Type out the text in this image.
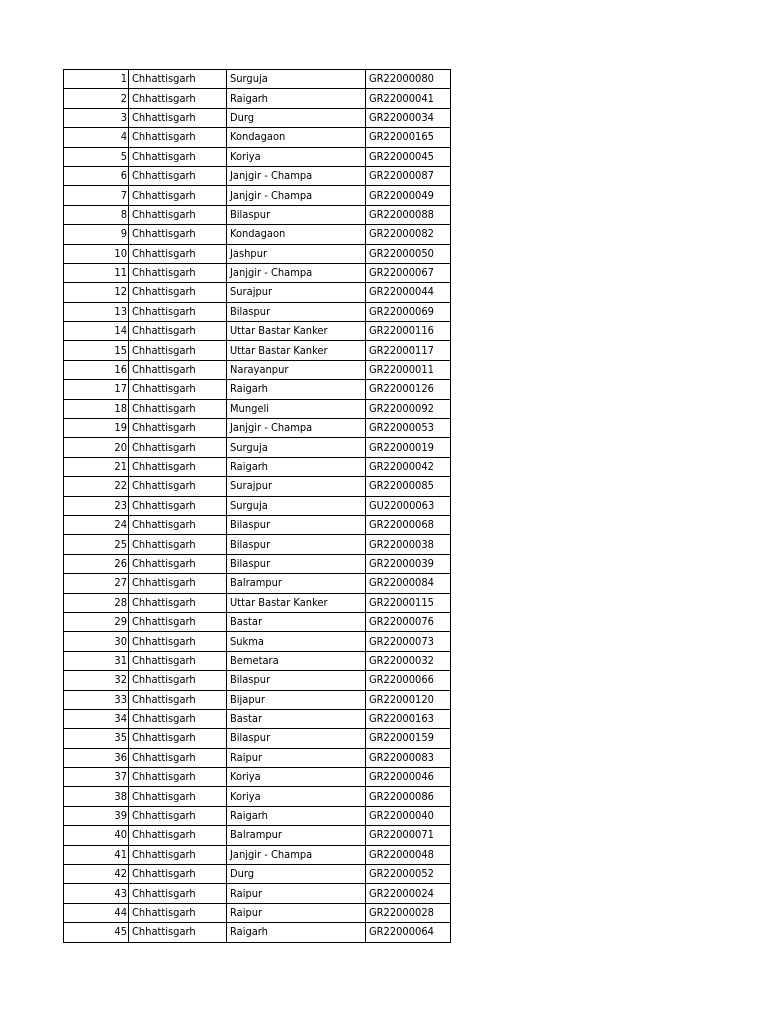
1	Chhattisgarh	Surguja	GR22000080
2	Chhattisgarh	Raigarh	GR22000041
3	Chhattisgarh	Durg	GR22000034
4	Chhattisgarh	Kondagaon	GR22000165
5	Chhattisgarh	Koriya	GR22000045
6	Chhattisgarh	Janjgir - Champa	GR22000087
7	Chhattisgarh	Janjgir - Champa	GR22000049
8	Chhattisgarh	Bilaspur	GR22000088
9	Chhattisgarh	Kondagaon	GR22000082
10	Chhattisgarh	Jashpur	GR22000050
11	Chhattisgarh	Janjgir - Champa	GR22000067
12	Chhattisgarh	Surajpur	GR22000044
13	Chhattisgarh	Bilaspur	GR22000069
14	Chhattisgarh	Uttar Bastar Kanker	GR22000116
15	Chhattisgarh	Uttar Bastar Kanker	GR22000117
16	Chhattisgarh	Narayanpur	GR22000011
17	Chhattisgarh	Raigarh	GR22000126
18	Chhattisgarh	Mungeli	GR22000092
19	Chhattisgarh	Janjgir - Champa	GR22000053
20	Chhattisgarh	Surguja	GR22000019
21	Chhattisgarh	Raigarh	GR22000042
22	Chhattisgarh	Surajpur	GR22000085
23	Chhattisgarh	Surguja	GU22000063
24	Chhattisgarh	Bilaspur	GR22000068
25	Chhattisgarh	Bilaspur	GR22000038
26	Chhattisgarh	Bilaspur	GR22000039
27	Chhattisgarh	Balrampur	GR22000084
28	Chhattisgarh	Uttar Bastar Kanker	GR22000115
29	Chhattisgarh	Bastar	GR22000076
30	Chhattisgarh	Sukma	GR22000073
31	Chhattisgarh	Bemetara	GR22000032
32	Chhattisgarh	Bilaspur	GR22000066
33	Chhattisgarh	Bijapur	GR22000120
34	Chhattisgarh	Bastar	GR22000163
35	Chhattisgarh	Bilaspur	GR22000159
36	Chhattisgarh	Raipur	GR22000083
37	Chhattisgarh	Koriya	GR22000046
38	Chhattisgarh	Koriya	GR22000086
39	Chhattisgarh	Raigarh	GR22000040
40	Chhattisgarh	Balrampur	GR22000071
41	Chhattisgarh	Janjgir - Champa	GR22000048
42	Chhattisgarh	Durg	GR22000052
43	Chhattisgarh	Raipur	GR22000024
44	Chhattisgarh	Raipur	GR22000028
45	Chhattisgarh	Raigarh	GR22000064
